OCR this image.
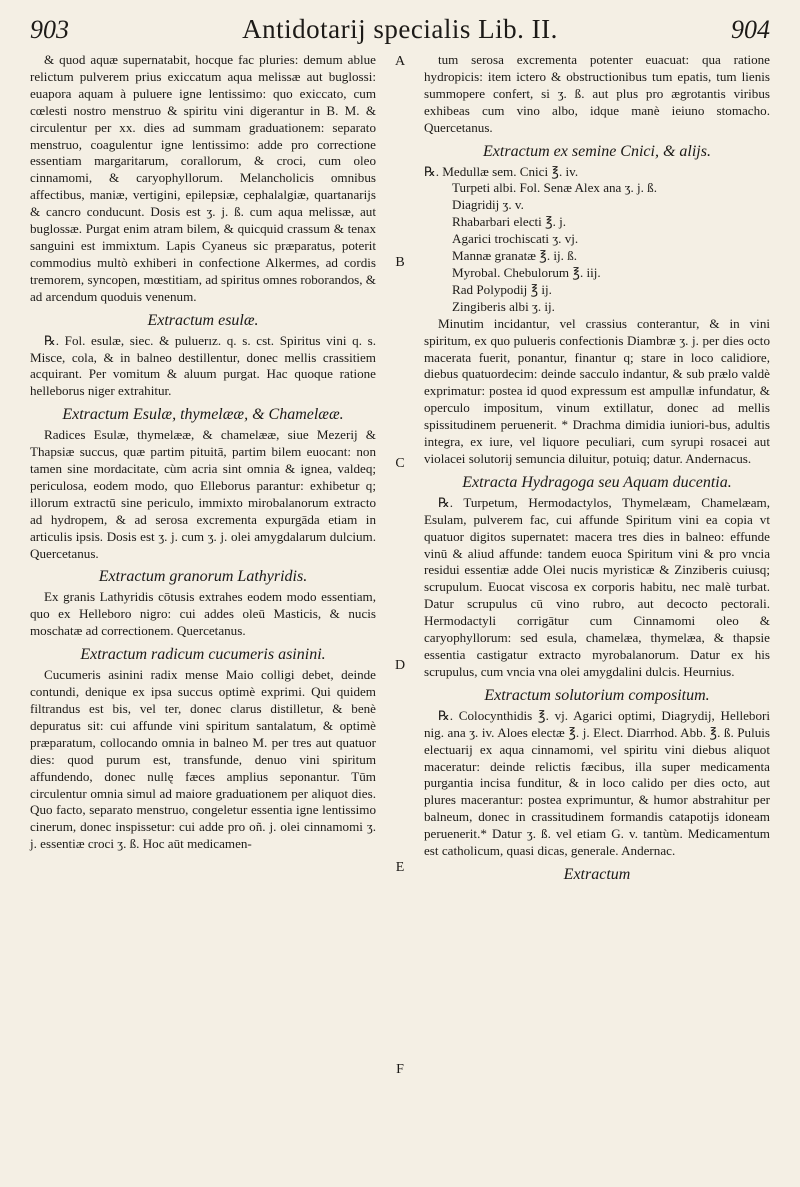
903	Antidotarij specialis Lib. II.	904

& quod aquæ supernatabit, hocque fac pluries: demum ablue relictum pulverem prius exiccatum aqua melissæ aut buglossi: euapora aquam à puluere igne lentissimo: quo exiccato, cum cœlesti nostro menstruo & spiritu vini digerantur in B. M. & circulentur per xx. dies ad summam graduationem: separato menstruo, coagulentur igne lentissimo: adde pro correctione essentiam margaritarum, corallorum, & croci, cum oleo cinnamomi, & caryophyllorum. Melancholicis omnibus affectibus, maniæ, vertigini, epilepsiæ, cephalalgiæ, quartanarijs & cancro conducunt. Dosis est ʒ. j. ß. cum aqua melissæ, aut buglossæ. Purgat enim atram bilem, & quicquid crassum & tenax sanguini est immixtum. Lapis Cyaneus sic præparatus, poterit commodius multò exhiberi in confectione Alkermes, ad cordis tremorem, syncopen, mœstitiam, ad spiritus omnes roborandos, & ad arcendum quoduis venenum.

Extractum esulæ.

℞. Fol. esulæ, siec. & puluerız. q. s. cst. Spiritus vini q. s. Misce, cola, & in balneo destillentur, donec mellis crassitiem acquirant. Per vomitum & aluum purgat. Hac quoque ratione helleborus niger extrahitur.

Extractum Esulæ, thymelææ, & Chamelææ.

Radices Esulæ, thymelææ, & chamelææ, siue Mezerij & Thapsiæ succus, quæ partim pituitā, partim bilem euocant: non tamen sine mordacitate, cùm acria sint omnia & ignea, valdeq; periculosa, eodem modo, quo Elleborus parantur: exhibetur q; illorum extractū sine periculo, immixto mirobalanorum extracto ad hydropem, & ad serosa excrementa expurgāda etiam in articulis ipsis. Dosis est ʒ. j. cum ʒ. j. olei amygdalarum dulcium. Quercetanus.

Extractum granorum Lathyridis.

Ex granis Lathyridis cōtusis extrahes eodem modo essentiam, quo ex Helleboro nigro: cui addes oleū Masticis, & nucis moschatæ ad correctionem. Quercetanus.

Extractum radicum cucumeris asinini.

Cucumeris asinini radix mense Maio colligi debet, deinde contundi, denique ex ipsa succus optimè exprimi. Qui quidem filtrandus est bis, vel ter, donec clarus distilletur, & benè depuratus sit: cui affunde vini spiritum santalatum, & optimè præparatum, collocando omnia in balneo M. per tres aut quatuor dies: quod purum est, transfunde, denuo vini spiritum affundendo, donec nullę fæces amplius seponantur. Tūm circulentur omnia simul ad maiore graduationem per aliquot dies. Quo facto, separato menstruo, congeletur essentia igne lentissimo cinerum, donec inspissetur: cui adde pro oñ. j. olei cinnamomi ʒ. j. essentiæ croci ʒ. ß. Hoc aūt medicamen-

tum serosa excrementa potenter euacuat: qua ratione hydropicis: item ictero & obstructionibus tum epatis, tum lienis summopere confert, si ʒ. ß. aut plus pro ægrotantis viribus exhibeas cum vino albo, idque manè ieiuno stomacho. Quercetanus.

Extractum ex semine Cnici, & alijs.

℞. Medullæ sem. Cnici ℥. iv.

Turpeti albi. Fol. Senæ Alex ana ʒ. j. ß.

Diagridij ʒ. v.

Rhabarbari electi ℥. j.

Agarici trochiscati ʒ. vj.

Mannæ granatæ ℥. ij. ß.

Myrobal. Chebulorum ℥. iij.

Rad Polypodij ℥ ij.

Zingiberis albi ʒ. ij.

Minutim incidantur, vel crassius conterantur, & in vini spiritum, ex quo pulueris confectionis Diambræ ʒ. j. per dies octo macerata fuerit, ponantur, finantur q; stare in loco calidiore, diebus quatuordecim: deinde sacculo indantur, & sub prælo valdè exprimatur: postea id quod expressum est ampullæ infundatur, & operculo impositum, vinum extillatur, donec ad mellis spissitudinem peruenerit. * Drachma dimidia iuniori-bus, adultis integra, ex iure, vel liquore peculiari, cum syrupi rosacei aut violacei solutorij semuncia diluitur, potuiq; datur. Andernacus.

Extracta Hydragoga seu Aquam ducentia.

℞. Turpetum, Hermodactylos, Thymelæam, Chamelæam, Esulam, pulverem fac, cui affunde Spiritum vini ea copia vt quatuor digitos supernatet: macera tres dies in balneo: effunde vinū & aliud affunde: tandem euoca Spiritum vini & pro vncia residui essentiæ adde Olei nucis myristicæ & Zinziberis cuiusq; scrupulum. Euocat viscosa ex corporis habitu, nec malè turbat. Datur scrupulus cū vino rubro, aut decocto pectorali. Hermodactyli corrigātur cum Cinnamomi oleo & caryophyllorum: sed esula, chamelæa, thymelæa, & thapsie essentia castigatur extracto myrobalanorum. Datur ex his scrupulus, cum vncia vna olei amygdalini dulcis. Heurnius.

Extractum solutorium compositum.

℞. Colocynthidis ℥. vj. Agarici optimi, Diagrydij, Hellebori nig. ana ʒ. iv. Aloes electæ ℥. j. Elect. Diarrhod. Abb. ℥. ß. Puluis electuarij ex aqua cinnamomi, vel spiritu vini diebus aliquot maceratur: deinde relictis fæcibus, illa super medicamenta purgantia incisa funditur, & in loco calido per dies octo, aut plures macerantur: postea exprimuntur, & humor abstrahitur per balneum, donec in crassitudinem formandis catapotijs idoneam peruenerit.* Datur ʒ. ß. vel etiam G. v. tantùm. Medicamentum est catholicum, quasi dicas, generale. Andernac.

Extractum
A
B
C
D
E
F
